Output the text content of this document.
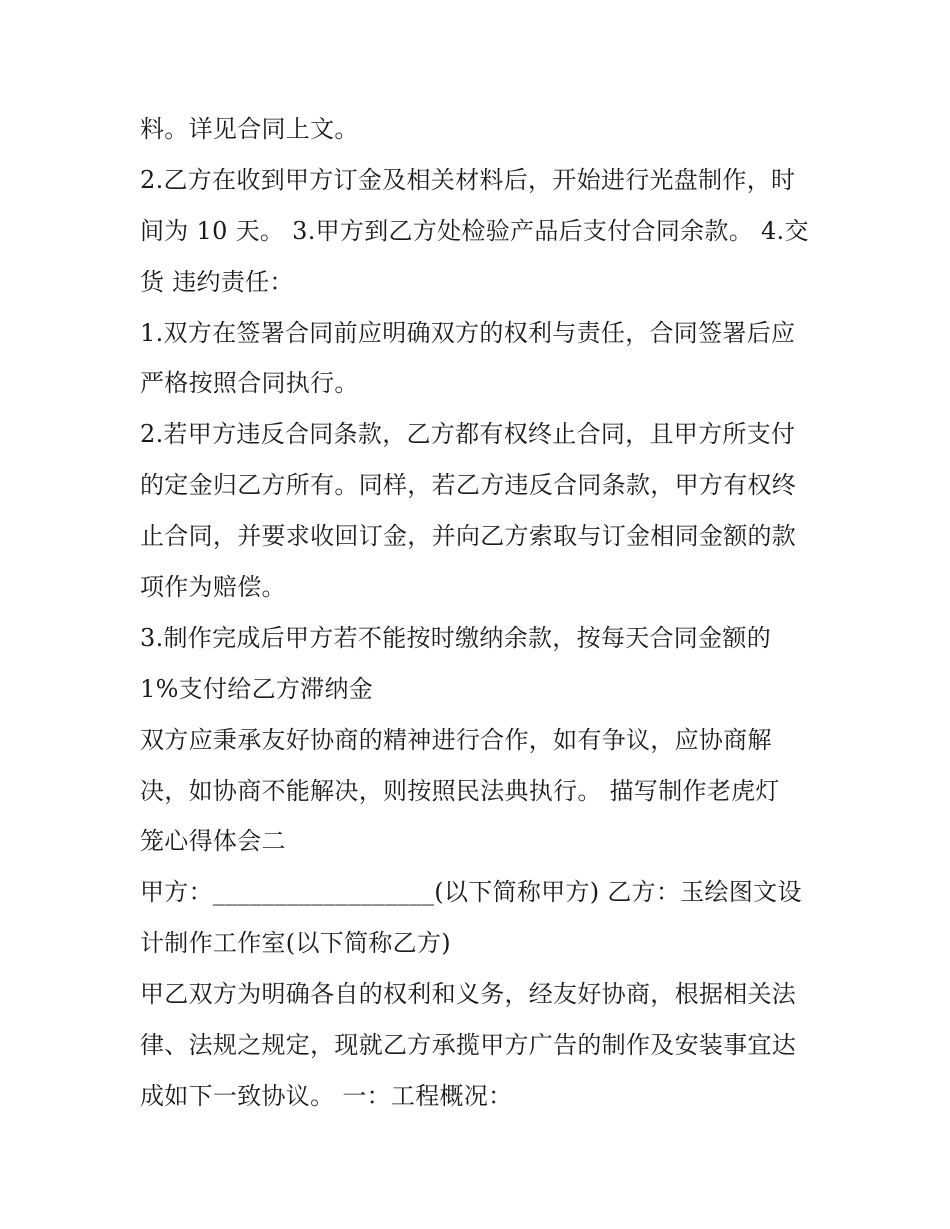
料。详见合同上文。
2.乙方在收到甲方订金及相关材料后，开始进行光盘制作，时
间为 10 天。 3.甲方到乙方处检验产品后支付合同余款。 4.交
货 违约责任：
1.双方在签署合同前应明确双方的权利与责任，合同签署后应
严格按照合同执行。
2.若甲方违反合同条款，乙方都有权终止合同，且甲方所支付
的定金归乙方所有。同样，若乙方违反合同条款，甲方有权终
止合同，并要求收回订金，并向乙方索取与订金相同金额的款
项作为赔偿。
3.制作完成后甲方若不能按时缴纳余款，按每天合同金额的
1%支付给乙方滞纳金
双方应秉承友好协商的精神进行合作，如有争议，应协商解
决，如协商不能解决，则按照民法典执行。 描写制作老虎灯
笼心得体会二
甲方：__________________(以下简称甲方) 乙方：玉绘图文设
计制作工作室(以下简称乙方)
甲乙双方为明确各自的权利和义务，经友好协商，根据相关法
律、法规之规定，现就乙方承揽甲方广告的制作及安装事宜达
成如下一致协议。 一：工程概况：
